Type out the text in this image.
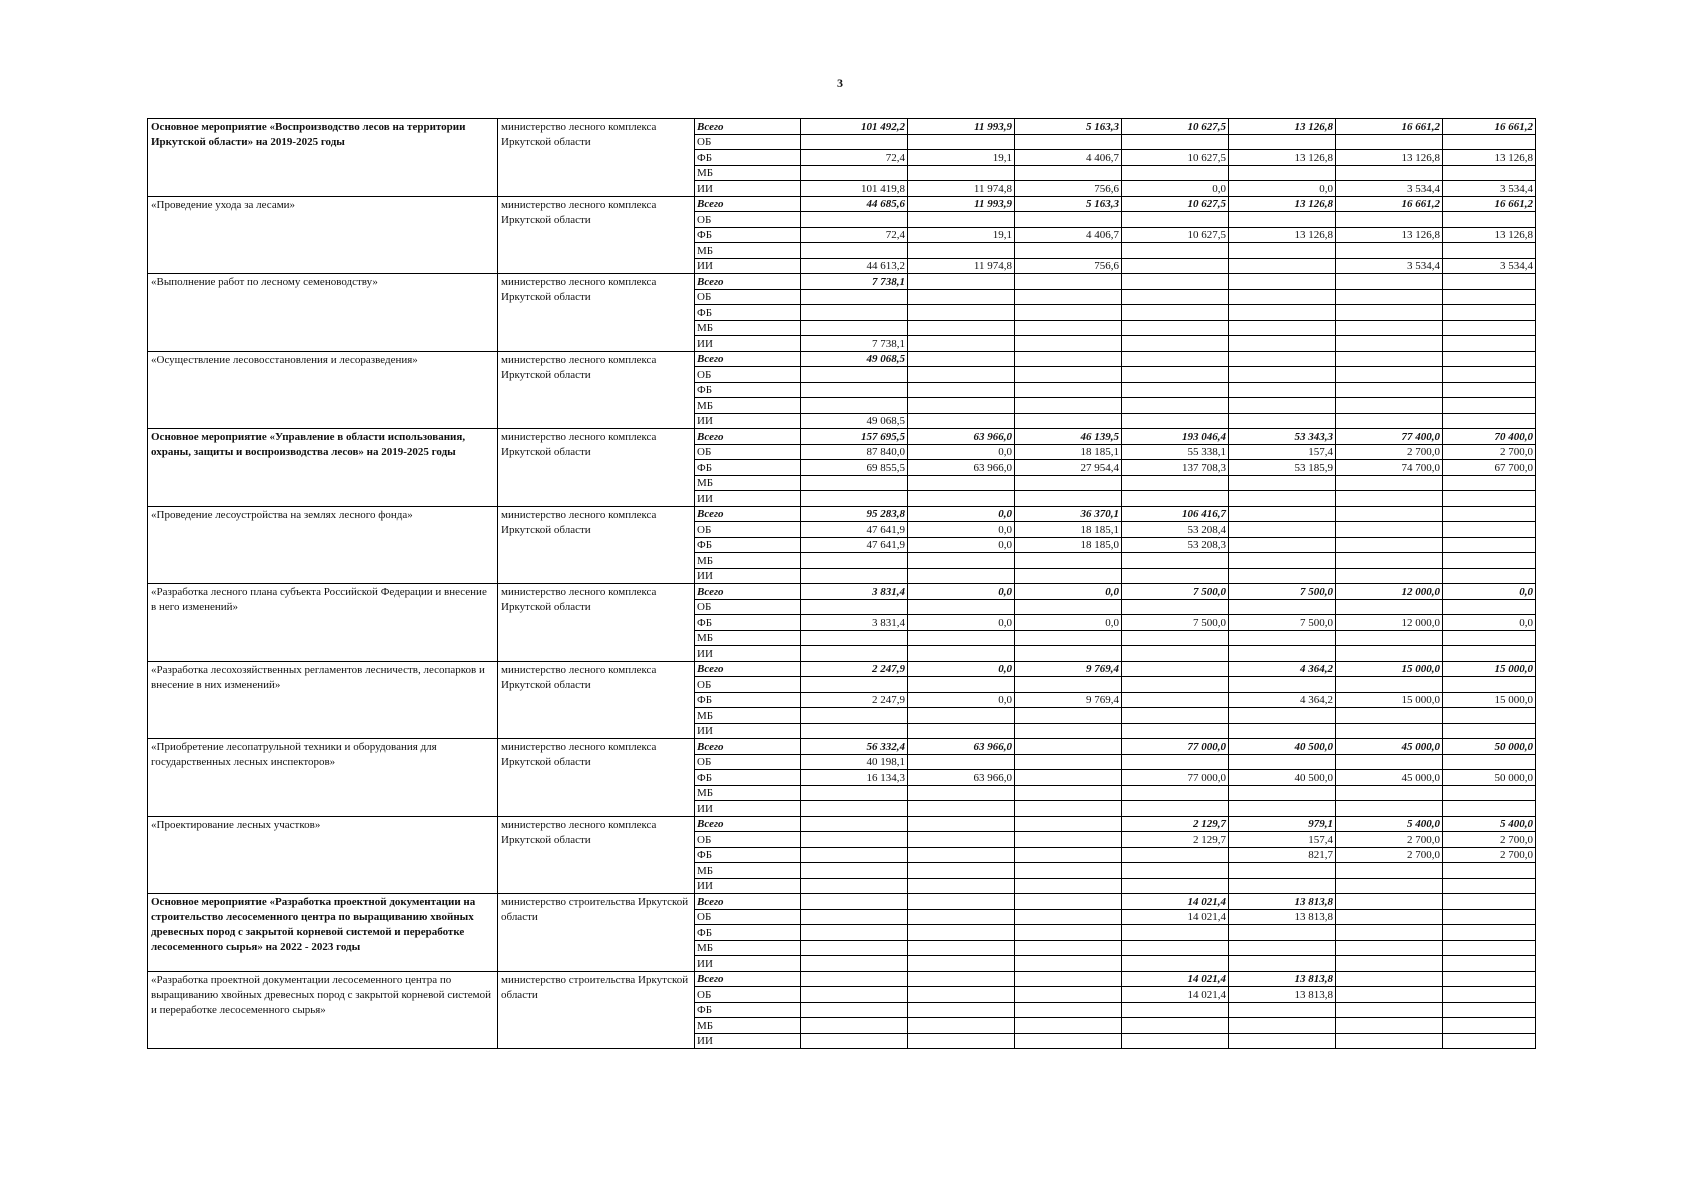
3
Основное мероприятие «Воспроизводство лесов на территории Иркутской области» на 2019-2025 годы	министерство лесного комплекса Иркутской области	Всего	101 492,2	11 993,9	5 163,3	10 627,5	13 126,8	16 661,2	16 661,2
		ОБ							
		ФБ	72,4	19,1	4 406,7	10 627,5	13 126,8	13 126,8	13 126,8
		МБ							
		ИИ	101 419,8	11 974,8	756,6	0,0	0,0	3 534,4	3 534,4
«Проведение ухода за лесами»	министерство лесного комплекса Иркутской области	Всего	44 685,6	11 993,9	5 163,3	10 627,5	13 126,8	16 661,2	16 661,2
		ОБ							
		ФБ	72,4	19,1	4 406,7	10 627,5	13 126,8	13 126,8	13 126,8
		МБ							
		ИИ	44 613,2	11 974,8	756,6			3 534,4	3 534,4
«Выполнение работ по лесному семеноводству»	министерство лесного комплекса Иркутской области	Всего	7 738,1						
		ОБ							
		ФБ							
		МБ							
		ИИ	7 738,1						
«Осуществление лесовосстановления и лесоразведения»	министерство лесного комплекса Иркутской области	Всего	49 068,5						
		ОБ							
		ФБ							
		МБ							
		ИИ	49 068,5						
Основное мероприятие «Управление в области использования, охраны, защиты и воспроизводства лесов» на 2019-2025 годы	министерство лесного комплекса Иркутской области	Всего	157 695,5	63 966,0	46 139,5	193 046,4	53 343,3	77 400,0	70 400,0
		ОБ	87 840,0	0,0	18 185,1	55 338,1	157,4	2 700,0	2 700,0
		ФБ	69 855,5	63 966,0	27 954,4	137 708,3	53 185,9	74 700,0	67 700,0
		МБ							
		ИИ							
«Проведение лесоустройства на землях лесного фонда»	министерство лесного комплекса Иркутской области	Всего	95 283,8	0,0	36 370,1	106 416,7			
		ОБ	47 641,9	0,0	18 185,1	53 208,4			
		ФБ	47 641,9	0,0	18 185,0	53 208,3			
		МБ							
		ИИ							
«Разработка лесного плана субъекта Российской Федерации и внесение в него изменений»	министерство лесного комплекса Иркутской области	Всего	3 831,4	0,0	0,0	7 500,0	7 500,0	12 000,0	0,0
		ОБ							
		ФБ	3 831,4	0,0	0,0	7 500,0	7 500,0	12 000,0	0,0
		МБ							
		ИИ							
«Разработка лесохозяйственных регламентов лесничеств, лесопарков и внесение в них изменений»	министерство лесного комплекса Иркутской области	Всего	2 247,9	0,0	9 769,4		4 364,2	15 000,0	15 000,0
		ОБ							
		ФБ	2 247,9	0,0	9 769,4		4 364,2	15 000,0	15 000,0
		МБ							
		ИИ							
«Приобретение лесопатрульной техники и оборудования для государственных лесных инспекторов»	министерство лесного комплекса Иркутской области	Всего	56 332,4	63 966,0		77 000,0	40 500,0	45 000,0	50 000,0
		ОБ	40 198,1						
		ФБ	16 134,3	63 966,0		77 000,0	40 500,0	45 000,0	50 000,0
		МБ							
		ИИ							
«Проектирование лесных участков»	министерство лесного комплекса Иркутской области	Всего				2 129,7	979,1	5 400,0	5 400,0
		ОБ				2 129,7	157,4	2 700,0	2 700,0
		ФБ					821,7	2 700,0	2 700,0
		МБ							
		ИИ							
Основное мероприятие «Разработка проектной документации на строительство лесосеменного центра по выращиванию хвойных древесных пород с закрытой корневой системой и переработке лесосеменного сырья» на 2022 - 2023 годы	министерство строительства Иркутской области	Всего				14 021,4	13 813,8		
		ОБ				14 021,4	13 813,8		
		ФБ							
		МБ							
		ИИ							
«Разработка проектной документации лесосеменного центра по выращиванию хвойных древесных пород с закрытой корневой системой и переработке лесосеменного сырья»	министерство строительства Иркутской области	Всего				14 021,4	13 813,8		
		ОБ				14 021,4	13 813,8		
		ФБ							
		МБ							
		ИИ							
